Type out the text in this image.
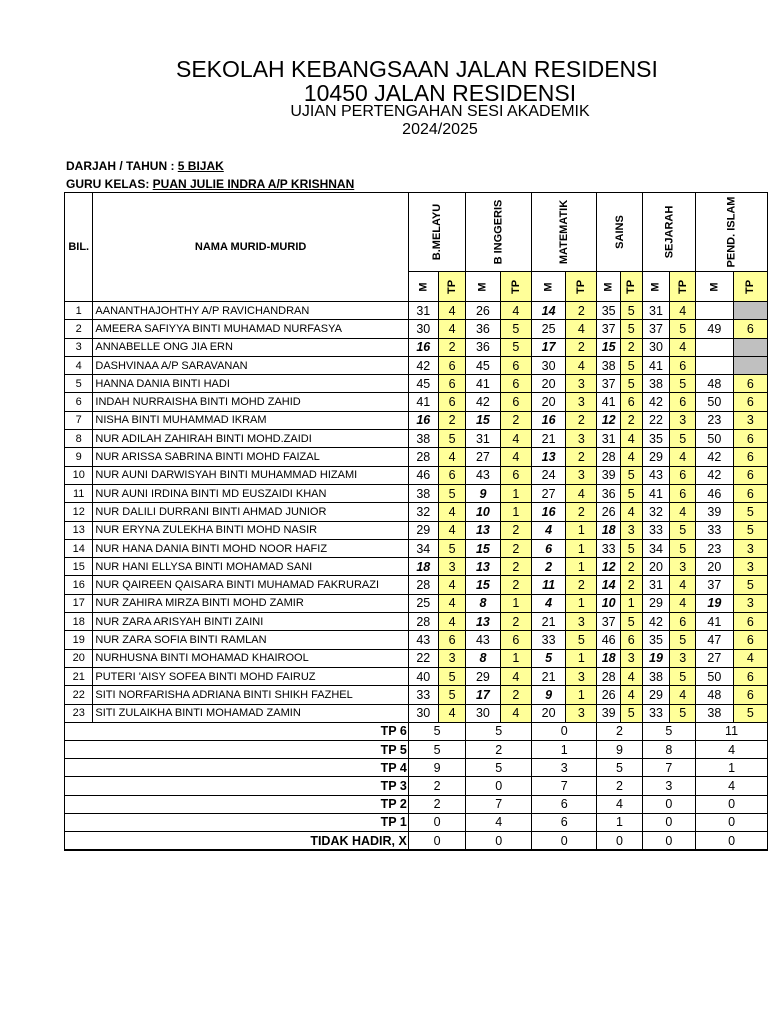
SEKOLAH KEBANGSAAN JALAN RESIDENSI
10450 JALAN RESIDENSI
UJIAN PERTENGAHAN SESI AKADEMIK
2024/2025
DARJAH / TAHUN : 5 BIJAK
GURU KELAS: PUAN JULIE INDRA A/P KRISHNAN
BIL.	NAMA MURID-MURID	B.MELAYU		B INGGERIS		MATEMATIK		SAINS		SEJARAH		PEND. ISLAM	
		M	TP	M	TP	M	TP	M	TP	M	TP	M	TP
1	AANANTHAJOHTHY A/P RAVICHANDRAN	31	4	26	4	14	2	35	5	31	4		
2	AMEERA SAFIYYA BINTI MUHAMAD NURFASYA	30	4	36	5	25	4	37	5	37	5	49	6
3	ANNABELLE ONG JIA ERN	16	2	36	5	17	2	15	2	30	4		
4	DASHVINAA A/P SARAVANAN	42	6	45	6	30	4	38	5	41	6		
5	HANNA DANIA BINTI HADI	45	6	41	6	20	3	37	5	38	5	48	6
6	INDAH NURRAISHA BINTI MOHD ZAHID	41	6	42	6	20	3	41	6	42	6	50	6
7	NISHA BINTI MUHAMMAD IKRAM	16	2	15	2	16	2	12	2	22	3	23	3
8	NUR ADILAH ZAHIRAH BINTI MOHD.ZAIDI	38	5	31	4	21	3	31	4	35	5	50	6
9	NUR ARISSA SABRINA BINTI MOHD FAIZAL	28	4	27	4	13	2	28	4	29	4	42	6
10	NUR AUNI DARWISYAH BINTI MUHAMMAD HIZAMI	46	6	43	6	24	3	39	5	43	6	42	6
11	NUR AUNI IRDINA BINTI MD EUSZAIDI KHAN	38	5	9	1	27	4	36	5	41	6	46	6
12	NUR DALILI DURRANI BINTI AHMAD JUNIOR	32	4	10	1	16	2	26	4	32	4	39	5
13	NUR ERYNA ZULEKHA BINTI MOHD NASIR	29	4	13	2	4	1	18	3	33	5	33	5
14	NUR HANA DANIA BINTI MOHD NOOR HAFIZ	34	5	15	2	6	1	33	5	34	5	23	3
15	NUR HANI ELLYSA BINTI MOHAMAD SANI	18	3	13	2	2	1	12	2	20	3	20	3
16	NUR QAIREEN QAISARA BINTI MUHAMAD FAKRURAZI	28	4	15	2	11	2	14	2	31	4	37	5
17	NUR ZAHIRA MIRZA BINTI MOHD ZAMIR	25	4	8	1	4	1	10	1	29	4	19	3
18	NUR ZARA ARISYAH BINTI ZAINI	28	4	13	2	21	3	37	5	42	6	41	6
19	NUR ZARA SOFIA BINTI RAMLAN	43	6	43	6	33	5	46	6	35	5	47	6
20	NURHUSNA BINTI MOHAMAD KHAIROOL	22	3	8	1	5	1	18	3	19	3	27	4
21	PUTERI 'AISY SOFEA BINTI MOHD FAIRUZ	40	5	29	4	21	3	28	4	38	5	50	6
22	SITI NORFARISHA ADRIANA BINTI SHIKH FAZHEL	33	5	17	2	9	1	26	4	29	4	48	6
23	SITI ZULAIKHA BINTI MOHAMAD ZAMIN	30	4	30	4	20	3	39	5	33	5	38	5
TP 6		5		5		0		2		5		11	
TP 5		5		2		1		9		8		4	
TP 4		9		5		3		5		7		1	
TP 3		2		0		7		2		3		4	
TP 2		2		7		6		4		0		0	
TP 1		0		4		6		1		0		0	
TIDAK HADIR, X		0		0		0		0		0		0	
